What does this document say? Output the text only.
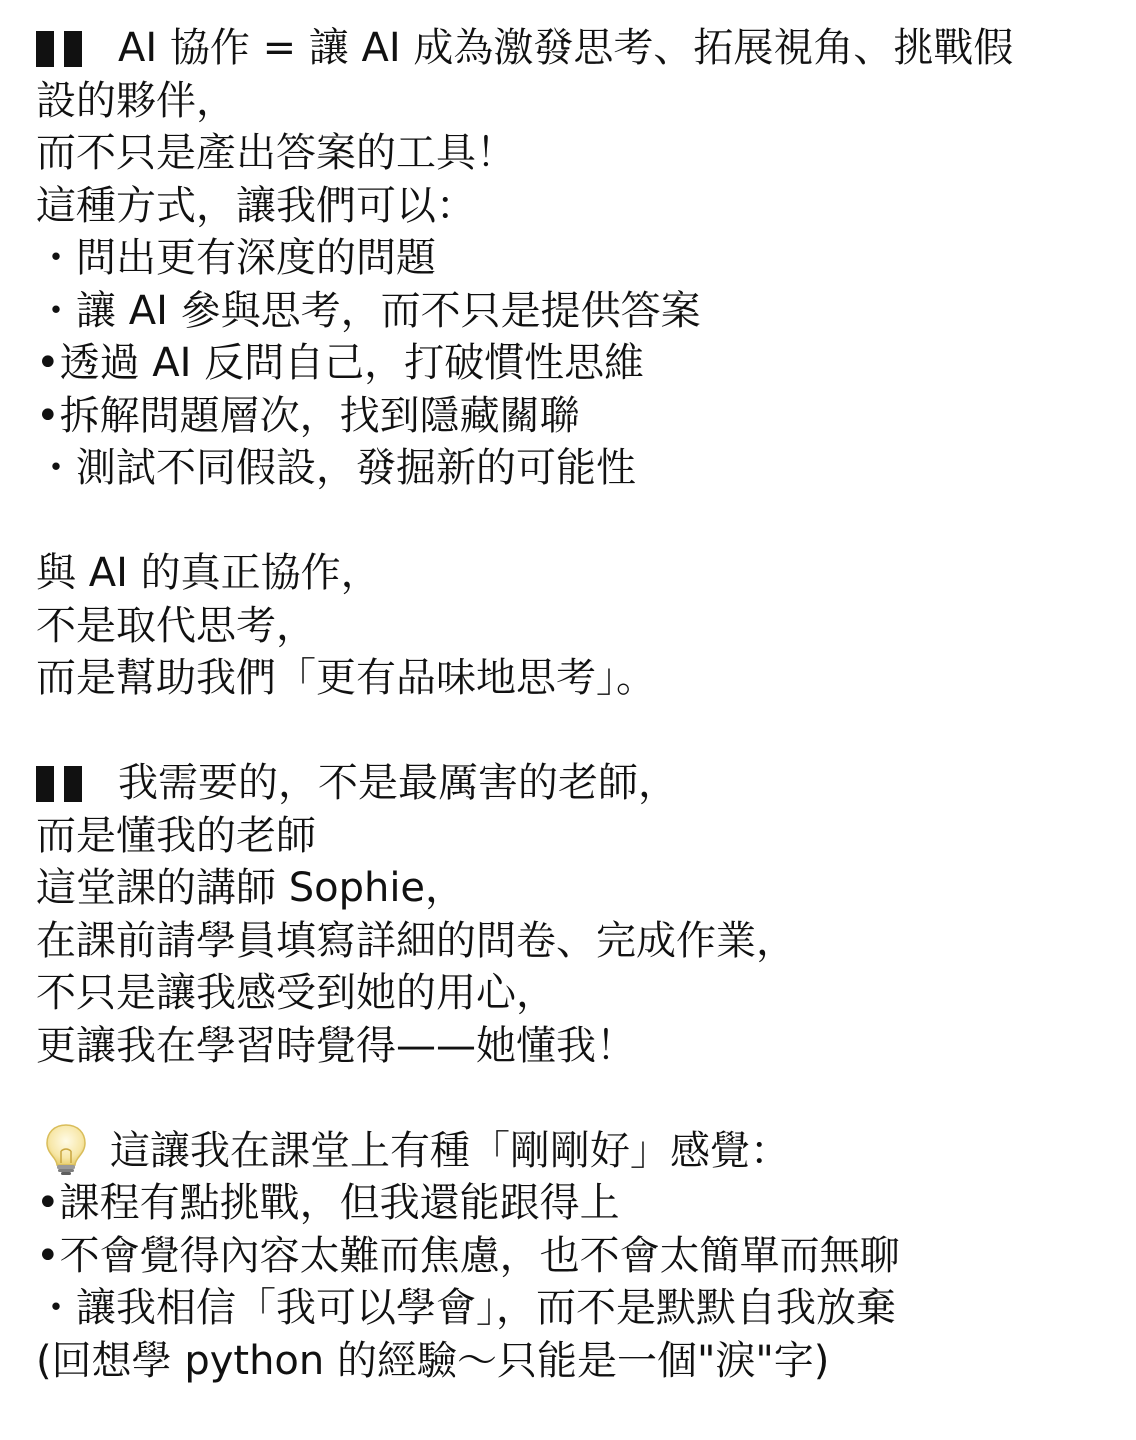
AI 協作 = 讓 AI 成為激發思考、拓展視角、挑戰假
設的夥伴，
而不只是產出答案的工具！
這種方式，讓我們可以：
・問出更有深度的問題
・讓 AI 參與思考，而不只是提供答案
•透過 AI 反問自己，打破慣性思維
•拆解問題層次，找到隱藏關聯
・測試不同假設，發掘新的可能性
與 AI 的真正協作，
不是取代思考，
而是幫助我們「更有品味地思考」。
我需要的，不是最厲害的老師，
而是懂我的老師
這堂課的講師 Sophie，
在課前請學員填寫詳細的問卷、完成作業，
不只是讓我感受到她的用心，
更讓我在學習時覺得——她懂我！
這讓我在課堂上有種「剛剛好」感覺：
•課程有點挑戰，但我還能跟得上
•不會覺得內容太難而焦慮，也不會太簡單而無聊
・讓我相信「我可以學會」，而不是默默自我放棄
(回想學 python 的經驗～只能是一個"淚"字)
